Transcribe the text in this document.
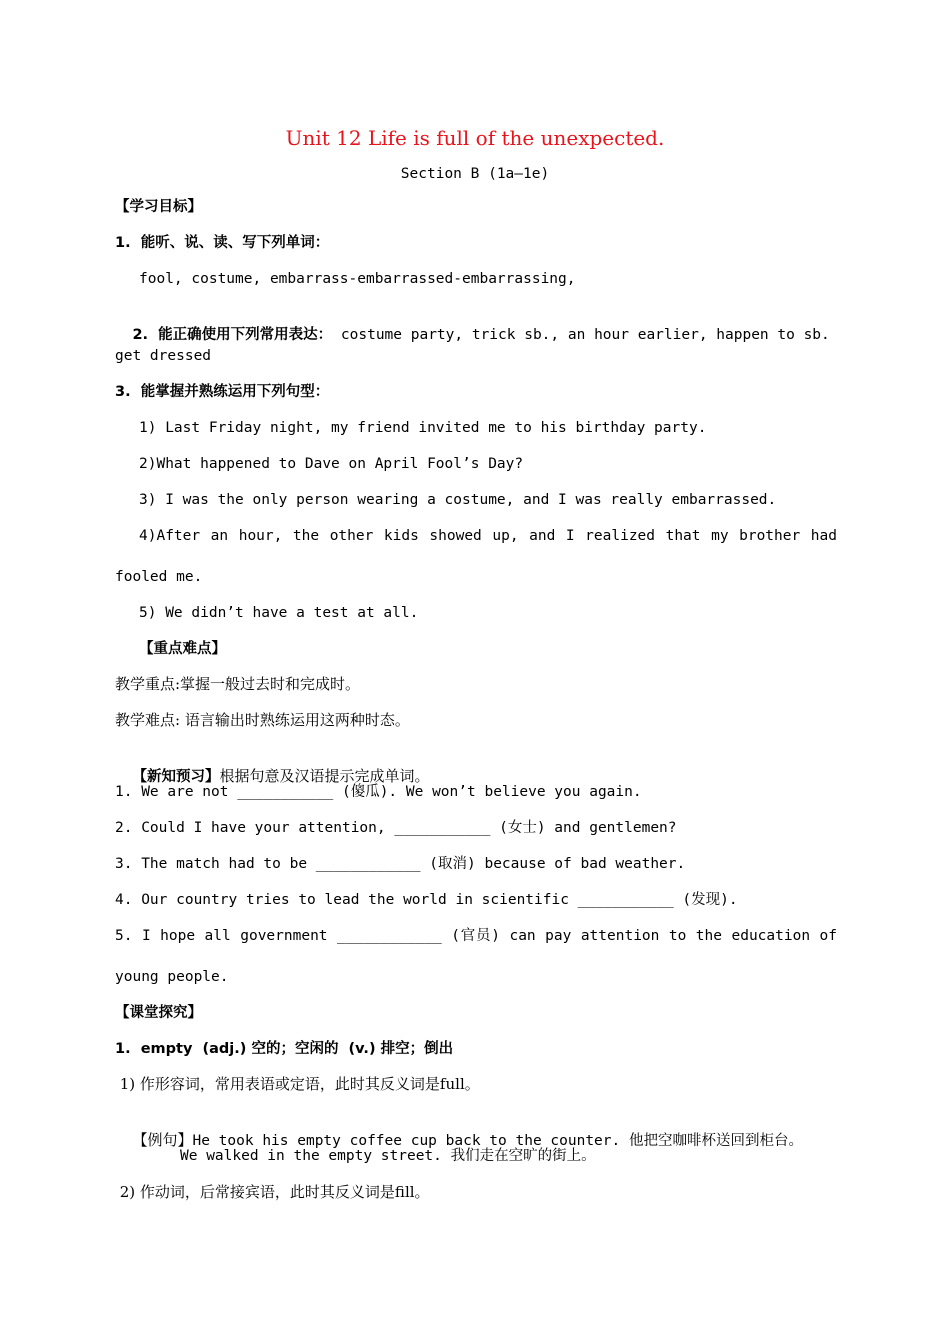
Unit 12 Life is full of the unexpected.
Section B (1a—1e)
【学习目标】
1.  能听、说、读、写下列单词：
fool, costume, embarrass-embarrassed-embarrassing,

2.  能正确使用下列常用表达： costume party, trick sb., an hour earlier, happen to sb.

get dressed
3.  能掌握并熟练运用下列句型：
1) Last Friday night, my friend invited me to his birthday party.
2)What happened to Dave on April Fool’s Day?
3) I was the only person wearing a costume, and I was really embarrassed.
4)After an hour, the other kids showed up, and I realized that my brother had
fooled me.
5) We didn’t have a test at all.
【重点难点】
教学重点:掌握一般过去时和完成时。
教学难点: 语言输出时熟练运用这两种时态。

【新知预习】根据句意及汉语提示完成单词。

1. We are not ___________ (傻瓜). We won’t believe you again.
2. Could I have your attention, ___________ (女士) and gentlemen?
3. The match had to be ____________ (取消) because of bad weather.
4. Our country tries to lead the world in scientific ___________ (发现).
5. I hope all government ____________ (官员) can pay attention to the education of
young people.
【课堂探究】
1.  empty  (adj.) 空的；空闲的  (v.) 排空；倒出
1) 作形容词，常用表语或定语，此时其反义词是full。

【例句】He took his empty coffee cup back to the counter. 他把空咖啡杯送回到柜台。

We walked in the empty street. 我们走在空旷的街上。
2) 作动词，后常接宾语，此时其反义词是fill。
